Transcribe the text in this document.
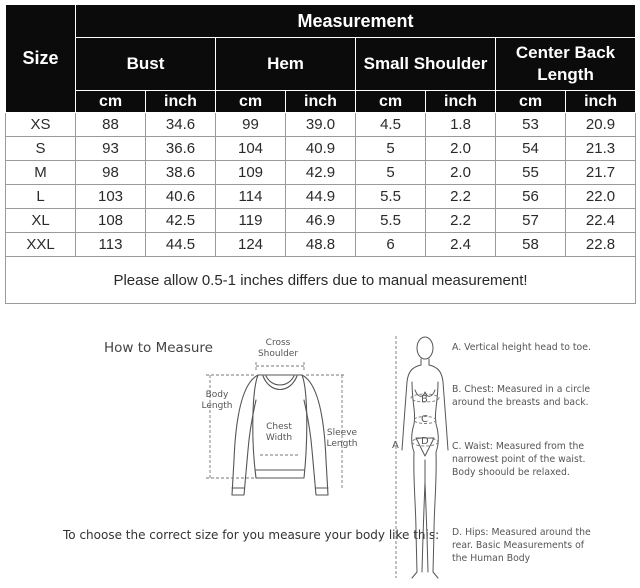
Size	Measurement							
	Bust		Hem		Small Shoulder		Center Back Length	
	cm	inch	cm	inch	cm	inch	cm	inch
XS	88	34.6	99	39.0	4.5	1.8	53	20.9
S	93	36.6	104	40.9	5	2.0	54	21.3
M	98	38.6	109	42.9	5	2.0	55	21.7
L	103	40.6	114	44.9	5.5	2.2	56	22.0
XL	108	42.5	119	46.9	5.5	2.2	57	22.4
XXL	113	44.5	124	48.8	6	2.4	58	22.8
Please allow 0.5-1 inches differs due to manual measurement!								
How to Measure	Cross Shoulder
Body Length
Chest Width	Sleeve Length
To choose the correct size for you measure your body like this:
A
B
C
D
A. Vertical height head to toe.
B. Chest: Measured in a circle around the breasts and back.
C. Waist: Measured from the narrowest point of the waist. Body shoould be relaxed.
D. Hips: Measured around the rear. Basic Measurements of the Human Body
